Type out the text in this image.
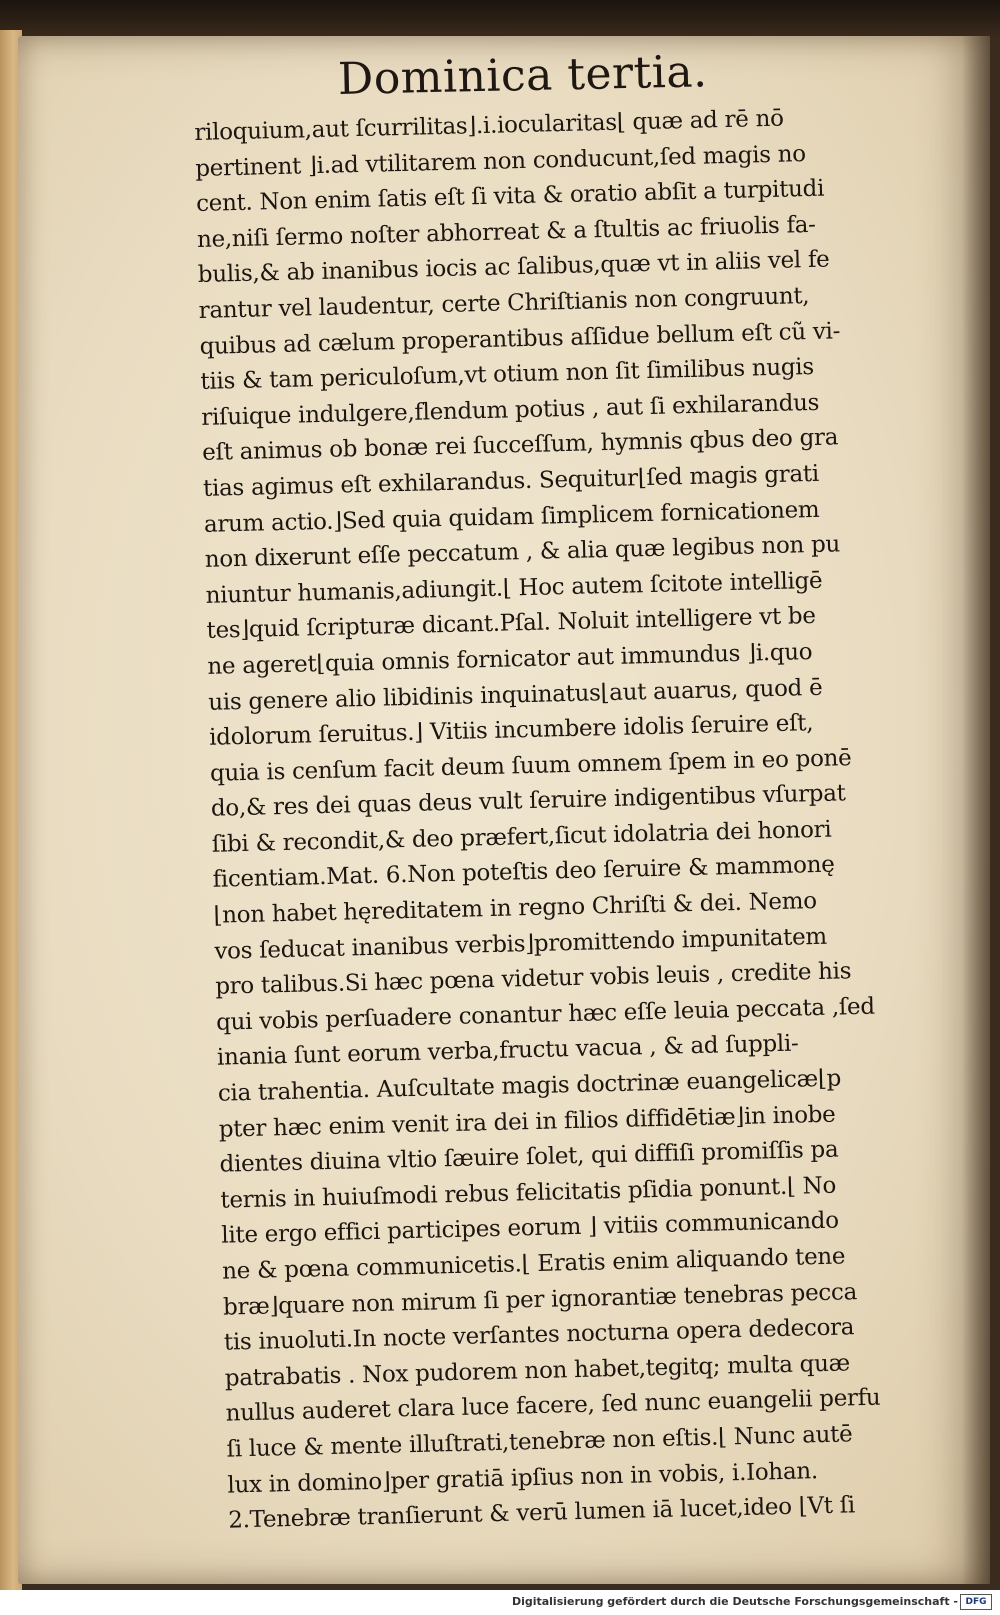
Dominica tertia.
riloquium,aut ſcurrilitas⌋.i.iocularitas⌊ quæ ad rē nō
pertinent ⌋i.ad vtilitarem non conducunt,ſed magis no
cent. Non enim ſatis eſt ſi vita & oratio abſit a turpitudi
ne,niſi ſermo noſter abhorreat & a ſtultis ac friuolis fa-
bulis,& ab inanibus iocis ac ſalibus,quæ vt in aliis vel fe
rantur vel laudentur, certe Chriſtianis non congruunt,
quibus ad cælum properantibus aſſidue bellum eſt cũ vi-
tiis & tam periculoſum,vt otium non ſit ſimilibus nugis
riſuique indulgere,flendum potius , aut ſi exhilarandus
eſt animus ob bonæ rei ſucceſſum, hymnis qbus deo gra
tias agimus eſt exhilarandus. Sequitur⌊ſed magis grati
arum actio.⌋Sed quia quidam ſimplicem fornicationem
non dixerunt eſſe peccatum , & alia quæ legibus non pu
niuntur humanis,adiungit.⌊ Hoc autem ſcitote intelligē
tes⌋quid ſcripturæ dicant.Pſal. Noluit intelligere vt be
ne ageret⌊quia omnis fornicator aut immundus ⌋i.quo
uis genere alio libidinis inquinatus⌊aut auarus, quod ē
idolorum ſeruitus.⌋ Vitiis incumbere idolis ſeruire eſt,
quia is cenſum facit deum ſuum omnem ſpem in eo ponē
do,& res dei quas deus vult ſeruire indigentibus vſurpat
ſibi & recondit,& deo præfert,ſicut idolatria dei honori
ficentiam.Mat. 6.Non poteſtis deo ſeruire & mammonę
⌊non habet hęreditatem in regno Chriſti & dei. Nemo
vos ſeducat inanibus verbis⌋promittendo impunitatem
pro talibus.Si hæc pœna videtur vobis leuis , credite his
qui vobis perſuadere conantur hæc eſſe leuia peccata ,ſed
inania ſunt eorum verba,fructu vacua , & ad ſuppli-
cia trahentia. Auſcultate magis doctrinæ euangelicæ⌊p
pter hæc enim venit ira dei in filios diffidētiæ⌋in inobe
dientes diuina vltio ſæuire ſolet, qui diffiſi promiſſis pa
ternis in huiuſmodi rebus felicitatis pſidia ponunt.⌊ No
lite ergo effici participes eorum ⌋ vitiis communicando
ne & pœna communicetis.⌊ Eratis enim aliquando tene
bræ⌋quare non mirum ſi per ignorantiæ tenebras pecca
tis inuoluti.In nocte verſantes nocturna opera dedecora
patrabatis . Nox pudorem non habet,tegitq; multa quæ
nullus auderet clara luce facere, ſed nunc euangelii perfu
ſi luce & mente illuſtrati,tenebræ non eſtis.⌊ Nunc autē
lux in domino⌋per gratiā ipſius non in vobis, i.Iohan.
2.Tenebræ tranſierunt & verū lumen iā lucet,ideo ⌊Vt ſi
Digitalisierung gefördert durch die Deutsche Forschungsgemeinschaft - DFG
